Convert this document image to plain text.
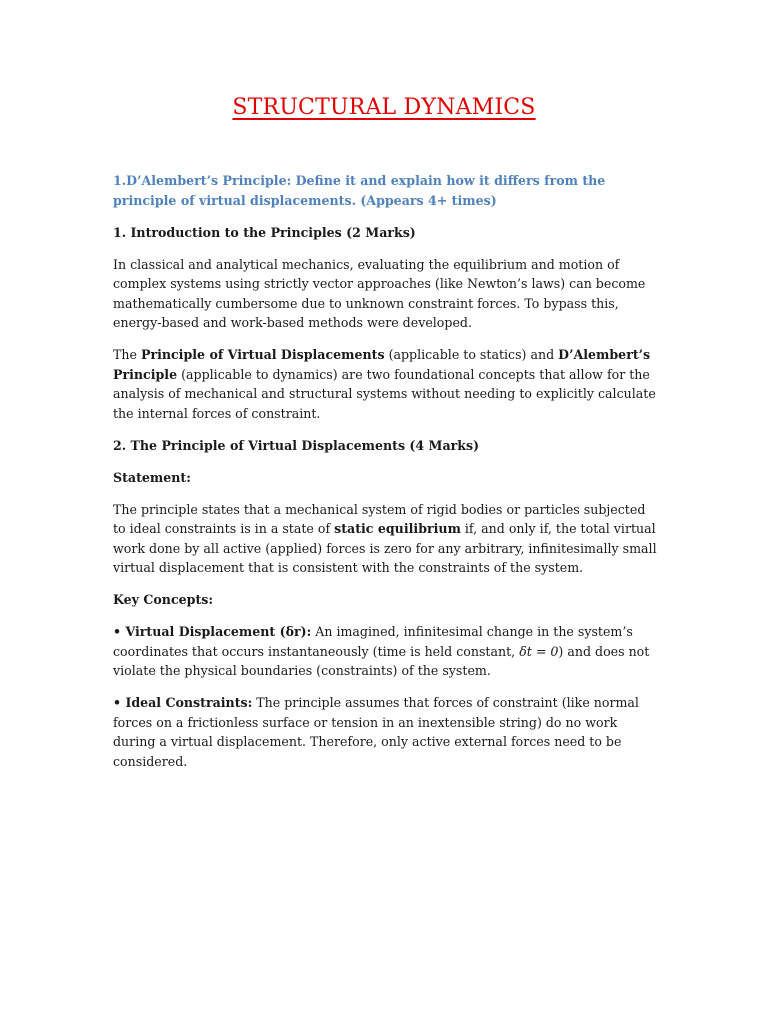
STRUCTURAL DYNAMICS

1.D’Alembert’s Principle: Define it and explain how it differs from the principle of virtual displacements. (Appears 4+ times)

1. Introduction to the Principles (2 Marks)

In classical and analytical mechanics, evaluating the equilibrium and motion of complex systems using strictly vector approaches (like Newton’s laws) can become mathematically cumbersome due to unknown constraint forces. To bypass this, energy-based and work-based methods were developed.

The Principle of Virtual Displacements (applicable to statics) and D’Alembert’s Principle (applicable to dynamics) are two foundational concepts that allow for the analysis of mechanical and structural systems without needing to explicitly calculate the internal forces of constraint.

2. The Principle of Virtual Displacements (4 Marks)

Statement:

The principle states that a mechanical system of rigid bodies or particles subjected to ideal constraints is in a state of static equilibrium if, and only if, the total virtual work done by all active (applied) forces is zero for any arbitrary, infinitesimally small virtual displacement that is consistent with the constraints of the system.

Key Concepts:

• Virtual Displacement (δr): An imagined, infinitesimal change in the system’s coordinates that occurs instantaneously (time is held constant, δt = 0) and does not violate the physical boundaries (constraints) of the system.

• Ideal Constraints: The principle assumes that forces of constraint (like normal forces on a frictionless surface or tension in an inextensible string) do no work during a virtual displacement. Therefore, only active external forces need to be considered.
